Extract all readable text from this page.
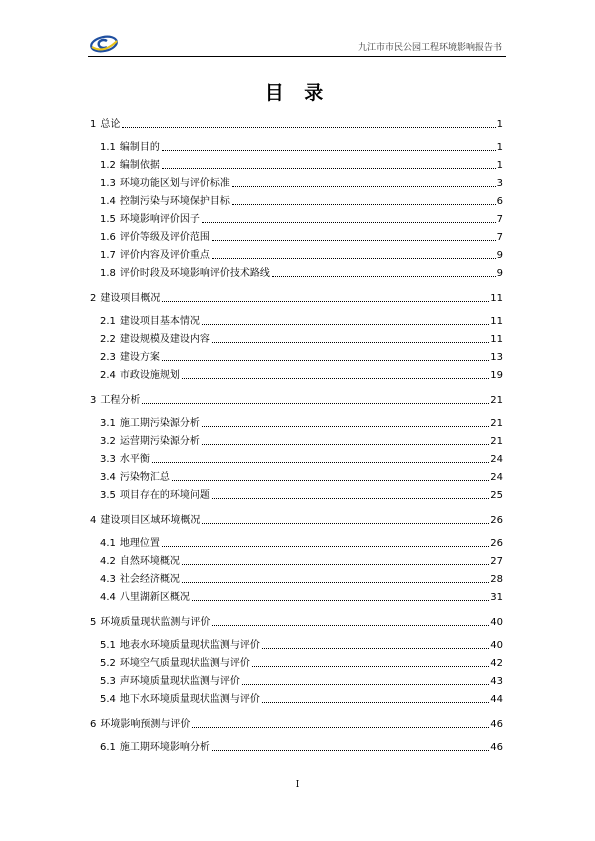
九江市市民公园工程环境影响报告书
目 录
1 总论	1
1.1 编制目的	1
1.2 编制依据	1
1.3 环境功能区划与评价标准	3
1.4 控制污染与环境保护目标	6
1.5 环境影响评价因子	7
1.6 评价等级及评价范围	7
1.7 评价内容及评价重点	9
1.8 评价时段及环境影响评价技术路线	9
2 建设项目概况	11
2.1 建设项目基本情况	11
2.2 建设规模及建设内容	11
2.3 建设方案	13
2.4 市政设施规划	19
3 工程分析	21
3.1 施工期污染源分析	21
3.2 运营期污染源分析	21
3.3 水平衡	24
3.4 污染物汇总	24
3.5 项目存在的环境问题	25
4 建设项目区域环境概况	26
4.1 地理位置	26
4.2 自然环境概况	27
4.3 社会经济概况	28
4.4 八里湖新区概况	31
5 环境质量现状监测与评价	40
5.1 地表水环境质量现状监测与评价	40
5.2 环境空气质量现状监测与评价	42
5.3 声环境质量现状监测与评价	43
5.4 地下水环境质量现状监测与评价	44
6 环境影响预测与评价	46
6.1 施工期环境影响分析	46
I
